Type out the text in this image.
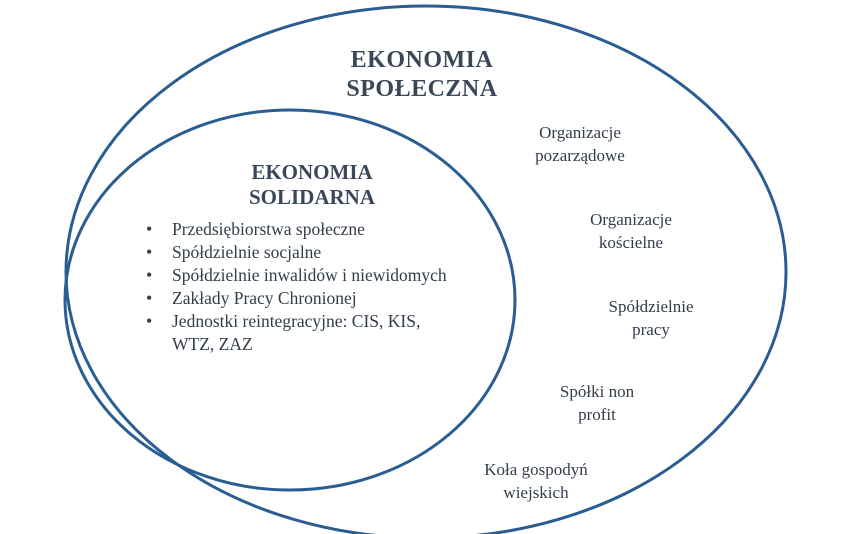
EKONOMIA
SPOŁECZNA
EKONOMIA
SOLIDARNA
• Przedsiębiorstwa społeczne
• Spółdzielnie socjalne
• Spółdzielnie inwalidów i niewidomych
• Zakłady Pracy Chronionej
• Jednostki reintegracyjne: CIS, KIS, WTZ, ZAZ
Organizacje
pozarządowe
Organizacje
kościelne
Spółdzielnie
pracy
Spółki non
profit
Koła gospodyń
wiejskich
